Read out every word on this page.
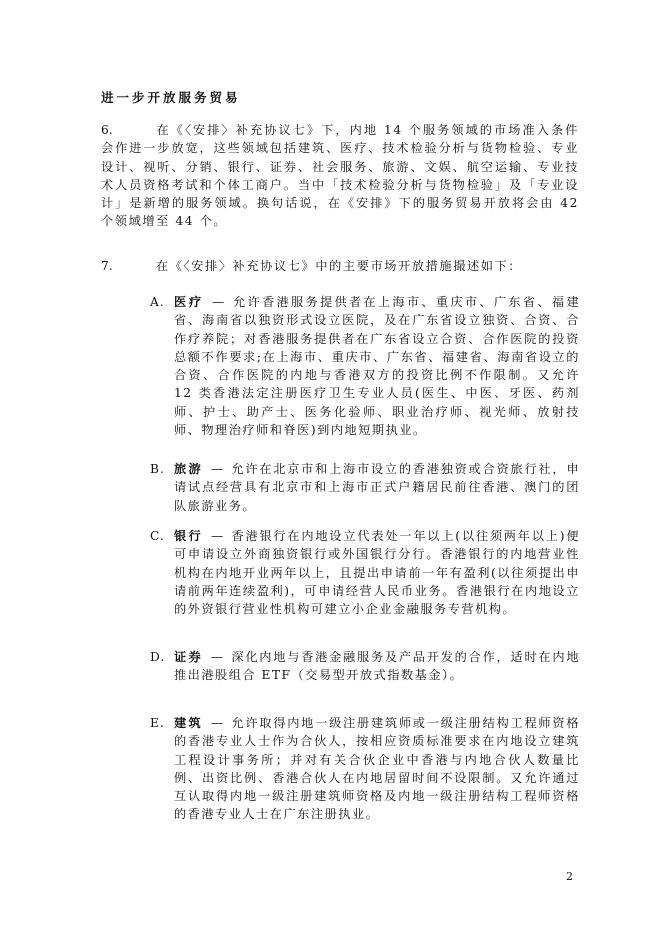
进一步开放服务贸易
6.	在《〈安排〉补充协议七》下，内地 14 个服务领域的市场准入条件会作进一步放宽，这些领域包括建筑、医疗、技术检验分析与货物检验、专业设计、视听、分销、银行、证券、社会服务、旅游、文娱、航空运输、专业技术人员资格考试和个体工商户。当中「技术检验分析与货物检验」及「专业设计」是新增的服务领域。换句话说，在《安排》下的服务贸易开放将会由 42 个领域增至 44 个。
7.	在《〈安排〉补充协议七》中的主要市场开放措施撮述如下：
A. 医疗 — 允许香港服务提供者在上海市、重庆市、广东省、福建省、海南省以独资形式设立医院，及在广东省设立独资、合资、合作疗养院；对香港服务提供者在广东省设立合资、合作医院的投资总额不作要求;在上海市、重庆市、广东省、福建省、海南省设立的合资、合作医院的内地与香港双方的投资比例不作限制。又允许 12 类香港法定注册医疗卫生专业人员(医生、中医、牙医、药剂师、护士、助产士、医务化验师、职业治疗师、视光师、放射技师、物理治疗师和脊医)到内地短期执业。
B. 旅游 — 允许在北京市和上海市设立的香港独资或合资旅行社，申请试点经营具有北京市和上海市正式户籍居民前往香港、澳门的团队旅游业务。
C. 银行 — 香港银行在内地设立代表处一年以上(以往须两年以上)便可申请设立外商独资银行或外国银行分行。香港银行的内地营业性机构在内地开业两年以上，且提出申请前一年有盈利(以往须提出申请前两年连续盈利)，可申请经营人民币业务。香港银行在内地设立的外资银行营业性机构可建立小企业金融服务专营机构。
D. 证券 — 深化内地与香港金融服务及产品开发的合作，适时在内地推出港股组合 ETF（交易型开放式指数基金）。
E. 建筑 — 允许取得内地一级注册建筑师或一级注册结构工程师资格的香港专业人士作为合伙人，按相应资质标准要求在内地设立建筑工程设计事务所；并对有关合伙企业中香港与内地合伙人数量比例、出资比例、香港合伙人在内地居留时间不设限制。又允许通过互认取得内地一级注册建筑师资格及内地一级注册结构工程师资格的香港专业人士在广东注册执业。
2
